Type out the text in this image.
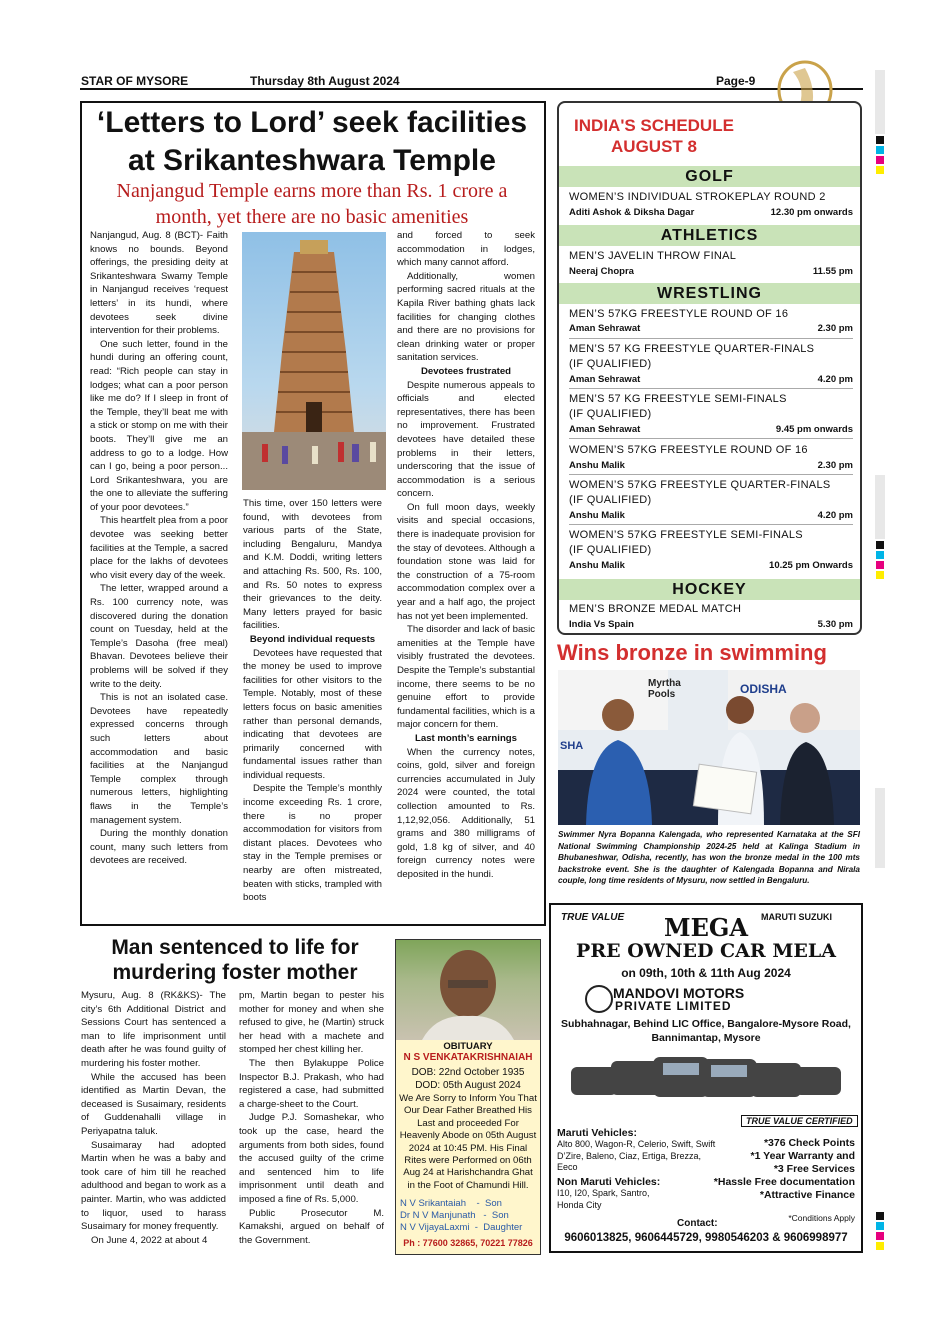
STAR OF MYSORE	Thursday 8th August 2024	Page-9
‘Letters to Lord’ seek facilities
at Srikanteshwara Temple
Nanjangud Temple earns more than Rs. 1 crore a
month, yet there are no basic amenities

Nanjangud, Aug. 8 (BCT)- Faith knows no bounds. Beyond offerings, the presiding deity at Srikanteshwara Swamy Temple in Nanjangud receives ‘request letters’ in its hundi, where devotees seek divine intervention for their problems.

One such letter, found in the hundi during an offering count, read: “Rich people can stay in lodges; what can a poor person like me do? If I sleep in front of the Temple, they’ll beat me with a stick or stomp on me with their boots. They’ll give me an address to go to a lodge. How can I go, being a poor person... Lord Srikanteshwara, you are the one to alleviate the suffering of your poor devotees.”

This heartfelt plea from a poor devotee was seeking better facilities at the Temple, a sacred place for the lakhs of devotees who visit every day of the week.

The letter, wrapped around a Rs. 100 currency note, was discovered during the donation count on Tuesday, held at the Temple’s Dasoha (free meal) Bhavan. Devotees believe their problems will be solved if they write to the deity.

This is not an isolated case. Devotees have repeatedly expressed concerns through such letters about accommodation and basic facilities at the Nanjangud Temple complex through numerous letters, highlighting flaws in the Temple’s management system.

During the monthly donation count, many such letters from devotees are received.

This time, over 150 letters were found, with devotees from various parts of the State, including Bengaluru, Mandya and K.M. Doddi, writing letters and attaching Rs. 500, Rs. 100, and Rs. 50 notes to express their grievances to the deity. Many letters prayed for basic facilities.

Beyond individual requests

Devotees have requested that the money be used to improve facilities for other visitors to the Temple. Notably, most of these letters focus on basic amenities rather than personal demands, indicating that devotees are primarily concerned with fundamental issues rather than individual requests.

Despite the Temple’s monthly income exceeding Rs. 1 crore, there is no proper accommodation for visitors from distant places. Devotees who stay in the Temple premises or nearby are often mistreated, beaten with sticks, trampled with boots

and forced to seek accommodation in lodges, which many cannot afford.

Additionally, women performing sacred rituals at the Kapila River bathing ghats lack facilities for changing clothes and there are no provisions for clean drinking water or proper sanitation services.

Devotees frustrated

Despite numerous appeals to officials and elected representatives, there has been no improvement. Frustrated devotees have detailed these problems in their letters, underscoring that the issue of accommodation is a serious concern.

On full moon days, weekly visits and special occasions, there is inadequate provision for the stay of devotees. Although a foundation stone was laid for the construction of a 75-room accommodation complex over a year and a half ago, the project has not yet been implemented.

The disorder and lack of basic amenities at the Temple have visibly frustrated the devotees. Despite the Temple’s substantial income, there seems to be no genuine effort to provide fundamental facilities, which is a major concern for them.

Last month’s earnings

When the currency notes, coins, gold, silver and foreign currencies accumulated in July 2024 were counted, the total collection amounted to Rs. 1,12,92,056. Additionally, 51 grams and 380 milligrams of gold, 1.8 kg of silver, and 40 foreign currency notes were deposited in the hundi.

INDIA'S SCHEDULE
AUGUST 8
GOLF
WOMEN’S INDIVIDUAL STROKEPLAY ROUND 2
Aditi Ashok & Diksha Dagar	12.30 pm onwards
ATHLETICS
MEN’S JAVELIN THROW FINAL
Neeraj Chopra	11.55 pm
WRESTLING
MEN’S 57KG FREESTYLE ROUND OF 16
Aman Sehrawat	2.30 pm
MEN’S 57 KG FREESTYLE QUARTER-FINALS
(IF QUALIFIED)
Aman Sehrawat	4.20 pm
MEN’S 57 KG FREESTYLE SEMI-FINALS
(IF QUALIFIED)
Aman Sehrawat	9.45 pm onwards
WOMEN’S 57KG FREESTYLE ROUND OF 16
Anshu Malik	2.30 pm
WOMEN’S 57KG FREESTYLE QUARTER-FINALS
(IF QUALIFIED)
Anshu Malik	4.20 pm
WOMEN’S 57KG FREESTYLE SEMI-FINALS
(IF QUALIFIED)
Anshu Malik	10.25 pm Onwards
HOCKEY
MEN’S BRONZE MEDAL MATCH
India Vs Spain	5.30 pm
Wins bronze in swimming
Myrtha Pools	ODISHA
SHA
Swimmer Nyra Bopanna Kalengada, who represented Karnataka at the SFI National Swimming Championship 2024-25 held at Kalinga Stadium in Bhubaneshwar, Odisha, recently, has won the bronze medal in the 100 mts backstroke event. She is the daughter of Kalengada Bopanna and Nirala couple, long time residents of Mysuru, now settled in Bengaluru.
Man sentenced to life for
murdering foster mother

Mysuru, Aug. 8 (RK&KS)- The city’s 6th Additional District and Sessions Court has sentenced a man to life imprisonment until death after he was found guilty of murdering his foster mother.

While the accused has been identified as Martin Devan, the deceased is Susaimary, residents of Guddenahalli village in Periyapatna taluk.

Susaimaray had adopted Martin when he was a baby and took care of him till he reached adulthood and began to work as a painter. Martin, who was addicted to liquor, used to harass Susaimary for money frequently.

On June 4, 2022 at about 4

pm, Martin began to pester his mother for money and when she refused to give, he (Martin) struck her head with a machete and stomped her chest killing her.

The then Bylakuppe Police Inspector B.J. Prakash, who had registered a case, had submitted a charge-sheet to the Court.

Judge P.J. Somashekar, who took up the case, heard the arguments from both sides, found the accused guilty of the crime and sentenced him to life imprisonment until death and imposed a fine of Rs. 5,000.

Public Prosecutor M. Kamakshi, argued on behalf of the Government.

OBITUARY
N S VENKATAKRISHNAIAH
DOB: 22nd October 1935
DOD: 05th August 2024
We Are Sorry to Inform You That Our Dear Father Breathed His Last and proceeded For Heavenly Abode on 05th August 2024 at 10:45 PM. His Final Rites were Performed on 06th Aug 24 at Harishchandra Ghat in the Foot of Chamundi Hill.
N V Srikantaiah    -  Son
Dr N V Manjunath   -  Son
N V VijayaLaxmi  -  Daughter
Ph : 77600 32865, 70221 77826
TRUE VALUE	MARUTI SUZUKI
MEGA
PRE OWNED CAR MELA
on 09th, 10th & 11th Aug 2024
MANDOVI MOTORS
PRIVATE LIMITED
Subhahnagar, Behind LIC Office, Bangalore-Mysore Road,
Bannimantap, Mysore
TRUE VALUE CERTIFIED
Maruti Vehicles:
Alto 800, Wagon-R, Celerio, Swift, Swift D’Zire, Baleno, Ciaz, Ertiga, Brezza, Eeco
Non Maruti Vehicles:
I10, I20, Spark, Santro, Honda City
*376 Check Points
*1 Year Warranty and
*3 Free Services
*Hassle Free documentation
*Attractive Finance
*Conditions Apply
Contact:
9606013825, 9606445729, 9980546203 & 9606998977
